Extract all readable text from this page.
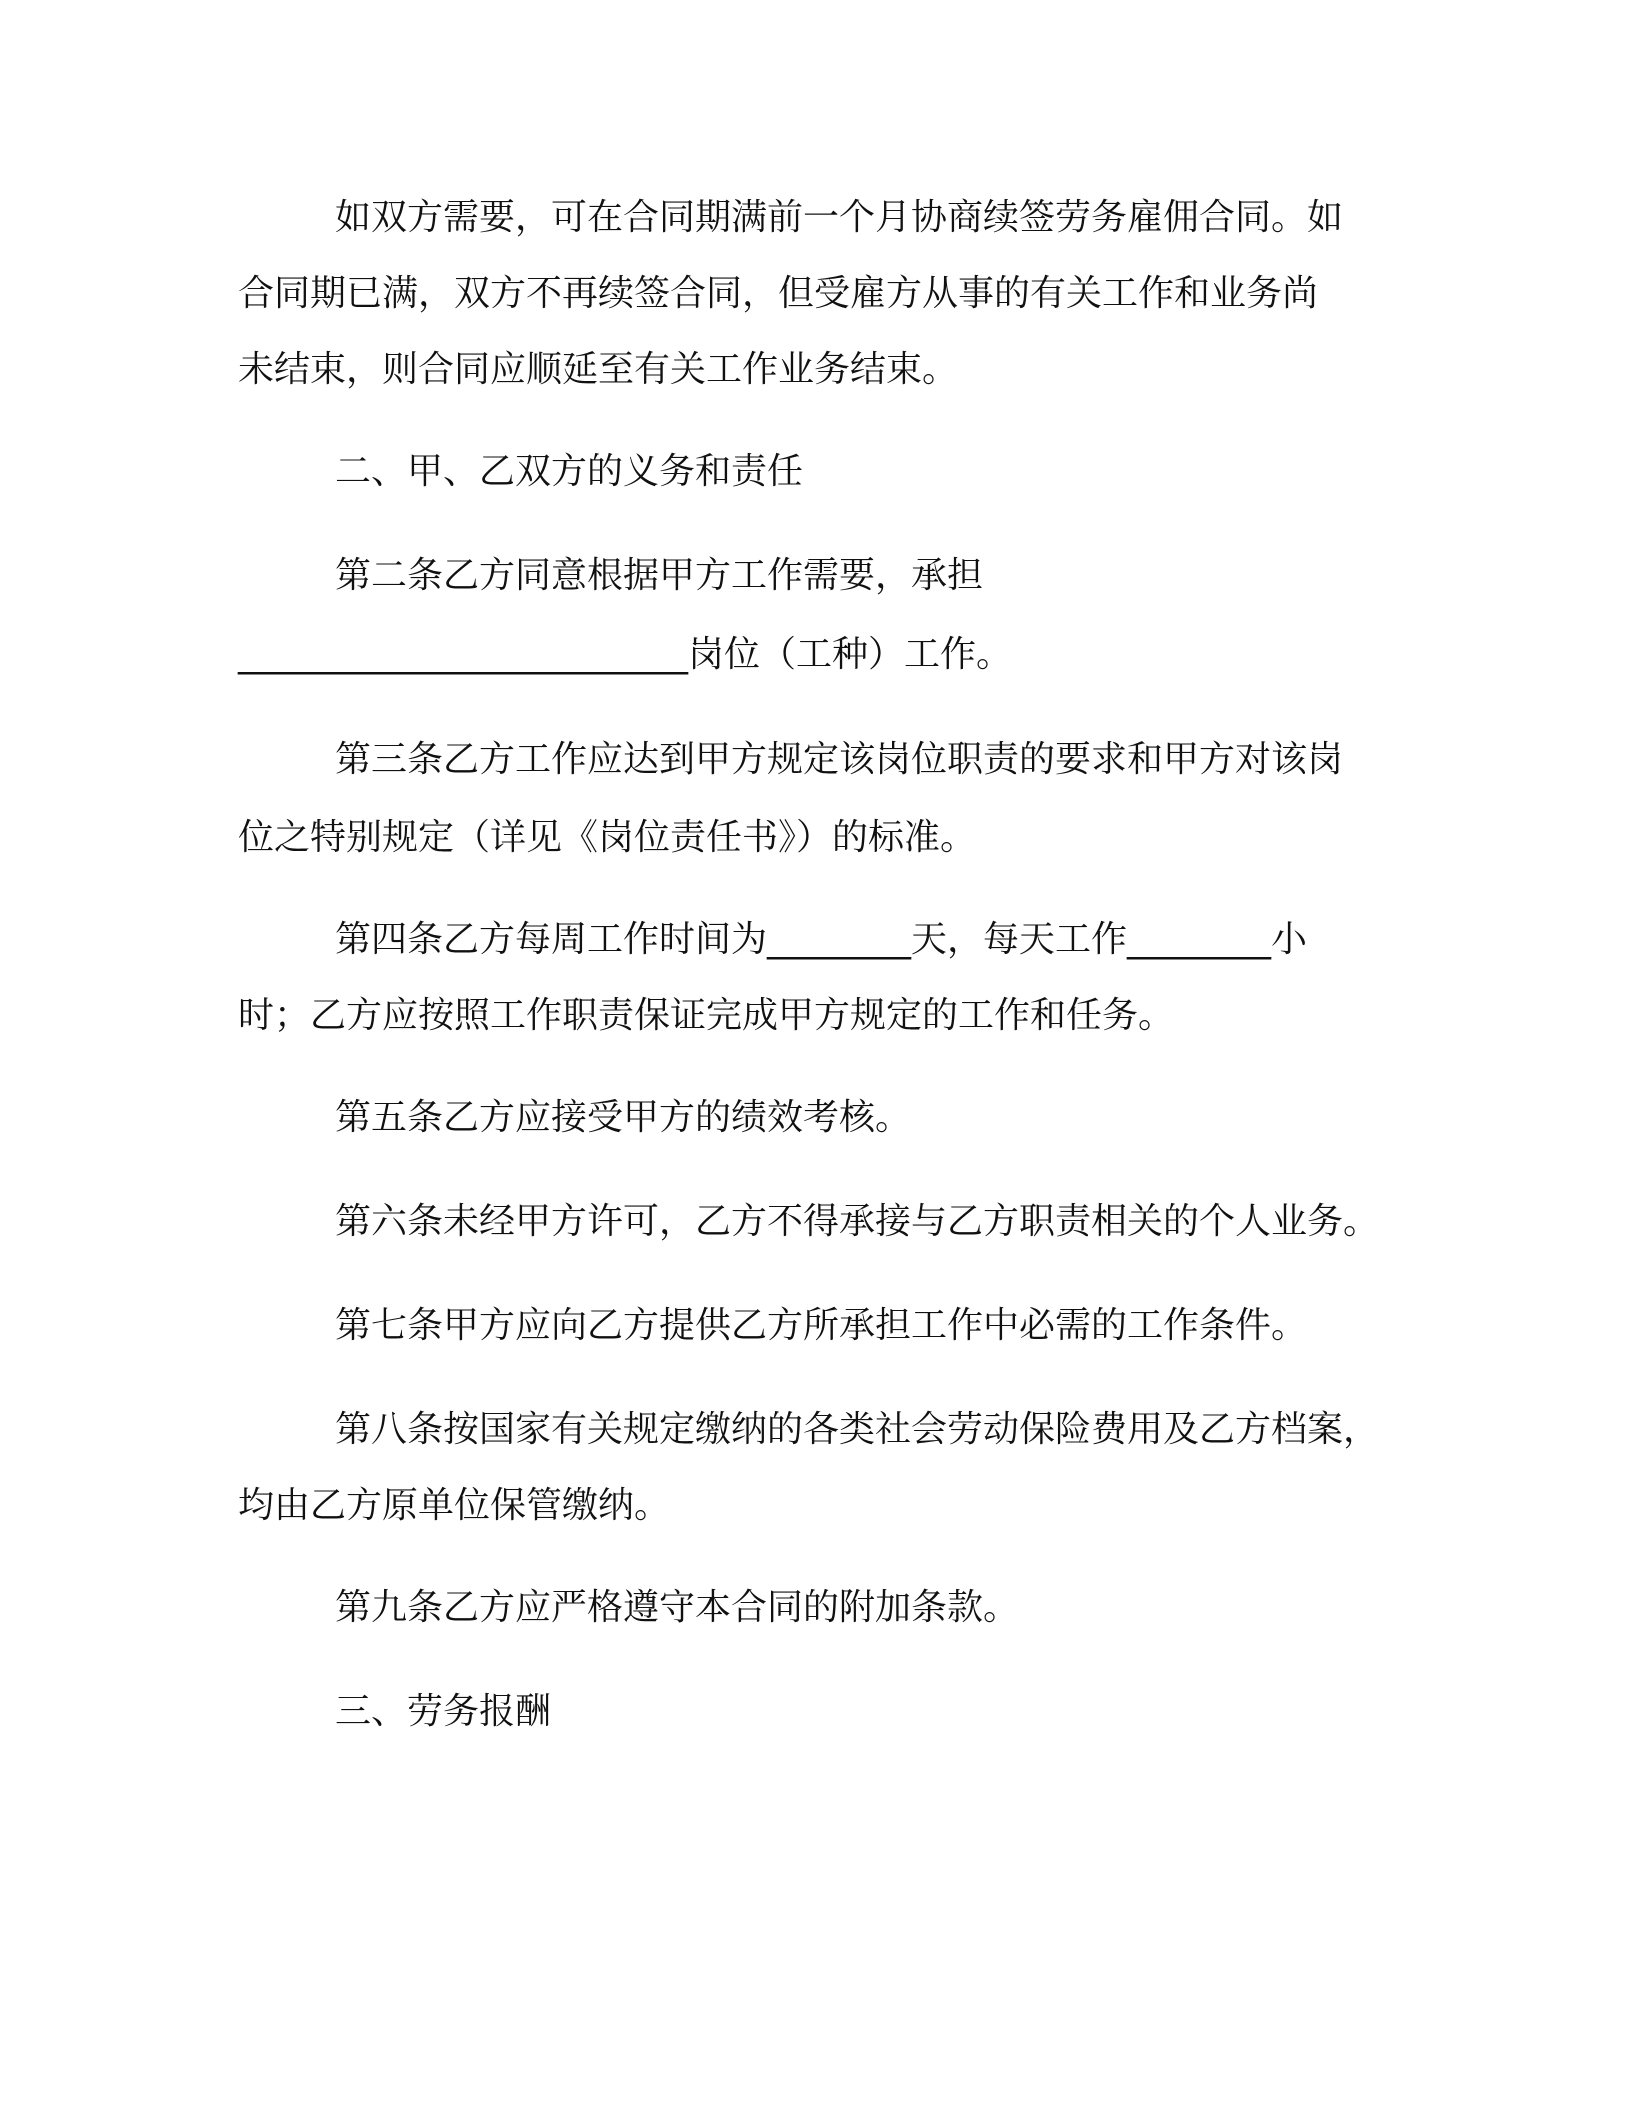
如双方需要，可在合同期满前一个月协商续签劳务雇佣合同。如
合同期已满，双方不再续签合同，但受雇方从事的有关工作和业务尚
未结束，则合同应顺延至有关工作业务结束。
二、甲、乙双方的义务和责任
第二条乙方同意根据甲方工作需要，承担
_________________________岗位（工种）工作。
第三条乙方工作应达到甲方规定该岗位职责的要求和甲方对该岗
位之特别规定（详见《岗位责任书》）的标准。
第四条乙方每周工作时间为________天，每天工作________小
时；乙方应按照工作职责保证完成甲方规定的工作和任务。
第五条乙方应接受甲方的绩效考核。
第六条未经甲方许可，乙方不得承接与乙方职责相关的个人业务。
第七条甲方应向乙方提供乙方所承担工作中必需的工作条件。
第八条按国家有关规定缴纳的各类社会劳动保险费用及乙方档案，
均由乙方原单位保管缴纳。
第九条乙方应严格遵守本合同的附加条款。
三、劳务报酬
